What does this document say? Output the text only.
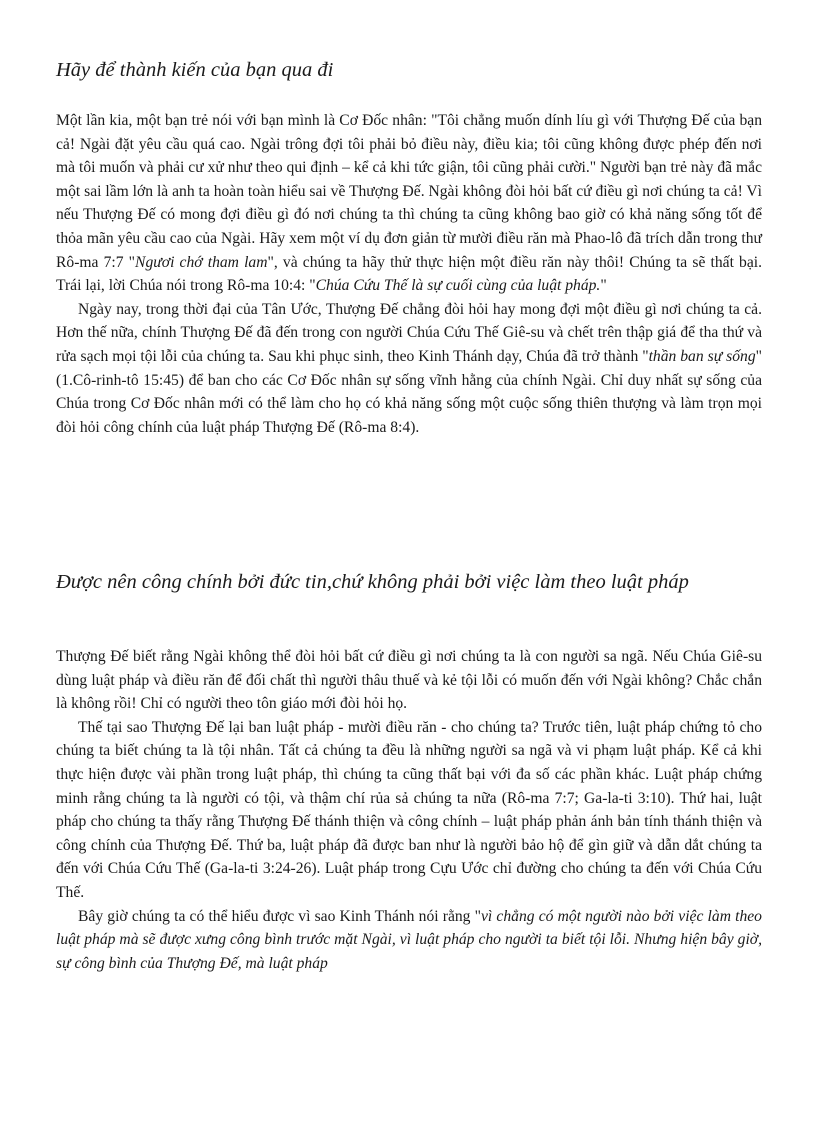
Hãy để thành kiến của bạn qua đi

Một lần kia, một bạn trẻ nói với bạn mình là Cơ Đốc nhân: "Tôi chẳng muốn dính líu gì với Thượng Đế của bạn cả! Ngài đặt yêu cầu quá cao. Ngài trông đợi tôi phải bỏ điều này, điều kia; tôi cũng không được phép đến nơi mà tôi muốn và phải cư xử như theo qui định – kể cả khi tức giận, tôi cũng phải cười." Người bạn trẻ này đã mắc một sai lầm lớn là anh ta hoàn toàn hiểu sai về Thượng Đế. Ngài không đòi hỏi bất cứ điều gì nơi chúng ta cả! Vì nếu Thượng Đế có mong đợi điều gì đó nơi chúng ta thì chúng ta cũng không bao giờ có khả năng sống tốt để thỏa mãn yêu cầu cao của Ngài. Hãy xem một ví dụ đơn giản từ mười điều răn mà Phao-lô đã trích dẫn trong thư Rô-ma 7:7 "Ngươi chớ tham lam", và chúng ta hãy thử thực hiện một điều răn này thôi! Chúng ta sẽ thất bại. Trái lại, lời Chúa nói trong Rô-ma 10:4: "Chúa Cứu Thế là sự cuối cùng của luật pháp."

Ngày nay, trong thời đại của Tân Ước, Thượng Đế chẳng đòi hỏi hay mong đợi một điều gì nơi chúng ta cả. Hơn thế nữa, chính Thượng Đế đã đến trong con người Chúa Cứu Thế Giê-su và chết trên thập giá để tha thứ và rửa sạch mọi tội lỗi của chúng ta. Sau khi phục sinh, theo Kinh Thánh dạy, Chúa đã trở thành "thần ban sự sống" (1.Cô-rinh-tô 15:45) để ban cho các Cơ Đốc nhân sự sống vĩnh hằng của chính Ngài. Chỉ duy nhất sự sống của Chúa trong Cơ Đốc nhân mới có thể làm cho họ có khả năng sống một cuộc sống thiên thượng và làm trọn mọi đòi hỏi công chính của luật pháp Thượng Đế (Rô-ma 8:4).

Được nên công chính bởi đức tin,chứ không phải bởi việc làm theo luật pháp

Thượng Đế biết rằng Ngài không thể đòi hỏi bất cứ điều gì nơi chúng ta là con người sa ngã. Nếu Chúa Giê-su dùng luật pháp và điều răn để đối chất thì người thâu thuế và kẻ tội lỗi có muốn đến với Ngài không? Chắc chắn là không rồi! Chỉ có người theo tôn giáo mới đòi hỏi họ.

Thế tại sao Thượng Đế lại ban luật pháp - mười điều răn - cho chúng ta? Trước tiên, luật pháp chứng tỏ cho chúng ta biết chúng ta là tội nhân. Tất cả chúng ta đều là những người sa ngã và vi phạm luật pháp. Kể cả khi thực hiện được vài phần trong luật pháp, thì chúng ta cũng thất bại với đa số các phần khác. Luật pháp chứng minh rằng chúng ta là người có tội, và thậm chí rủa sả chúng ta nữa (Rô-ma 7:7; Ga-la-ti 3:10). Thứ hai, luật pháp cho chúng ta thấy rằng Thượng Đế thánh thiện và công chính – luật pháp phản ánh bản tính thánh thiện và công chính của Thượng Đế. Thứ ba, luật pháp đã được ban như là người bảo hộ để gìn giữ và dẫn dắt chúng ta đến với Chúa Cứu Thế (Ga-la-ti 3:24-26). Luật pháp trong Cựu Ước chỉ đường cho chúng ta đến với Chúa Cứu Thế.

Bây giờ chúng ta có thể hiểu được vì sao Kinh Thánh nói rằng "vì chẳng có một người nào bởi việc làm theo luật pháp mà sẽ được xưng công bình trước mặt Ngài, vì luật pháp cho người ta biết tội lỗi. Nhưng hiện bây giờ, sự công bình của Thượng Đế, mà luật pháp
